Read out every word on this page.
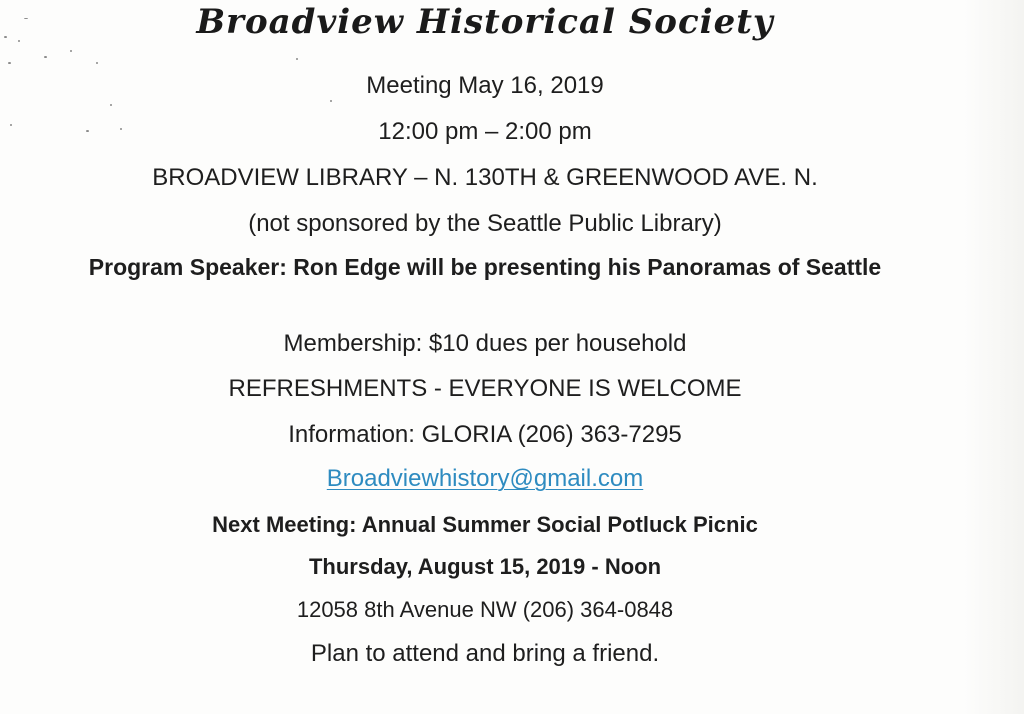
Broadview Historical Society
Meeting May 16, 2019
12:00 pm – 2:00 pm
BROADVIEW LIBRARY – N. 130TH & GREENWOOD AVE. N.
(not sponsored by the Seattle Public Library)
Program Speaker: Ron Edge will be presenting his Panoramas of Seattle
Membership: $10 dues per household
REFRESHMENTS - EVERYONE IS WELCOME
Information: GLORIA (206) 363-7295
Broadviewhistory@gmail.com
Next Meeting: Annual Summer Social Potluck Picnic
Thursday, August 15, 2019 - Noon
12058 8th Avenue NW (206) 364-0848
Plan to attend and bring a friend.
